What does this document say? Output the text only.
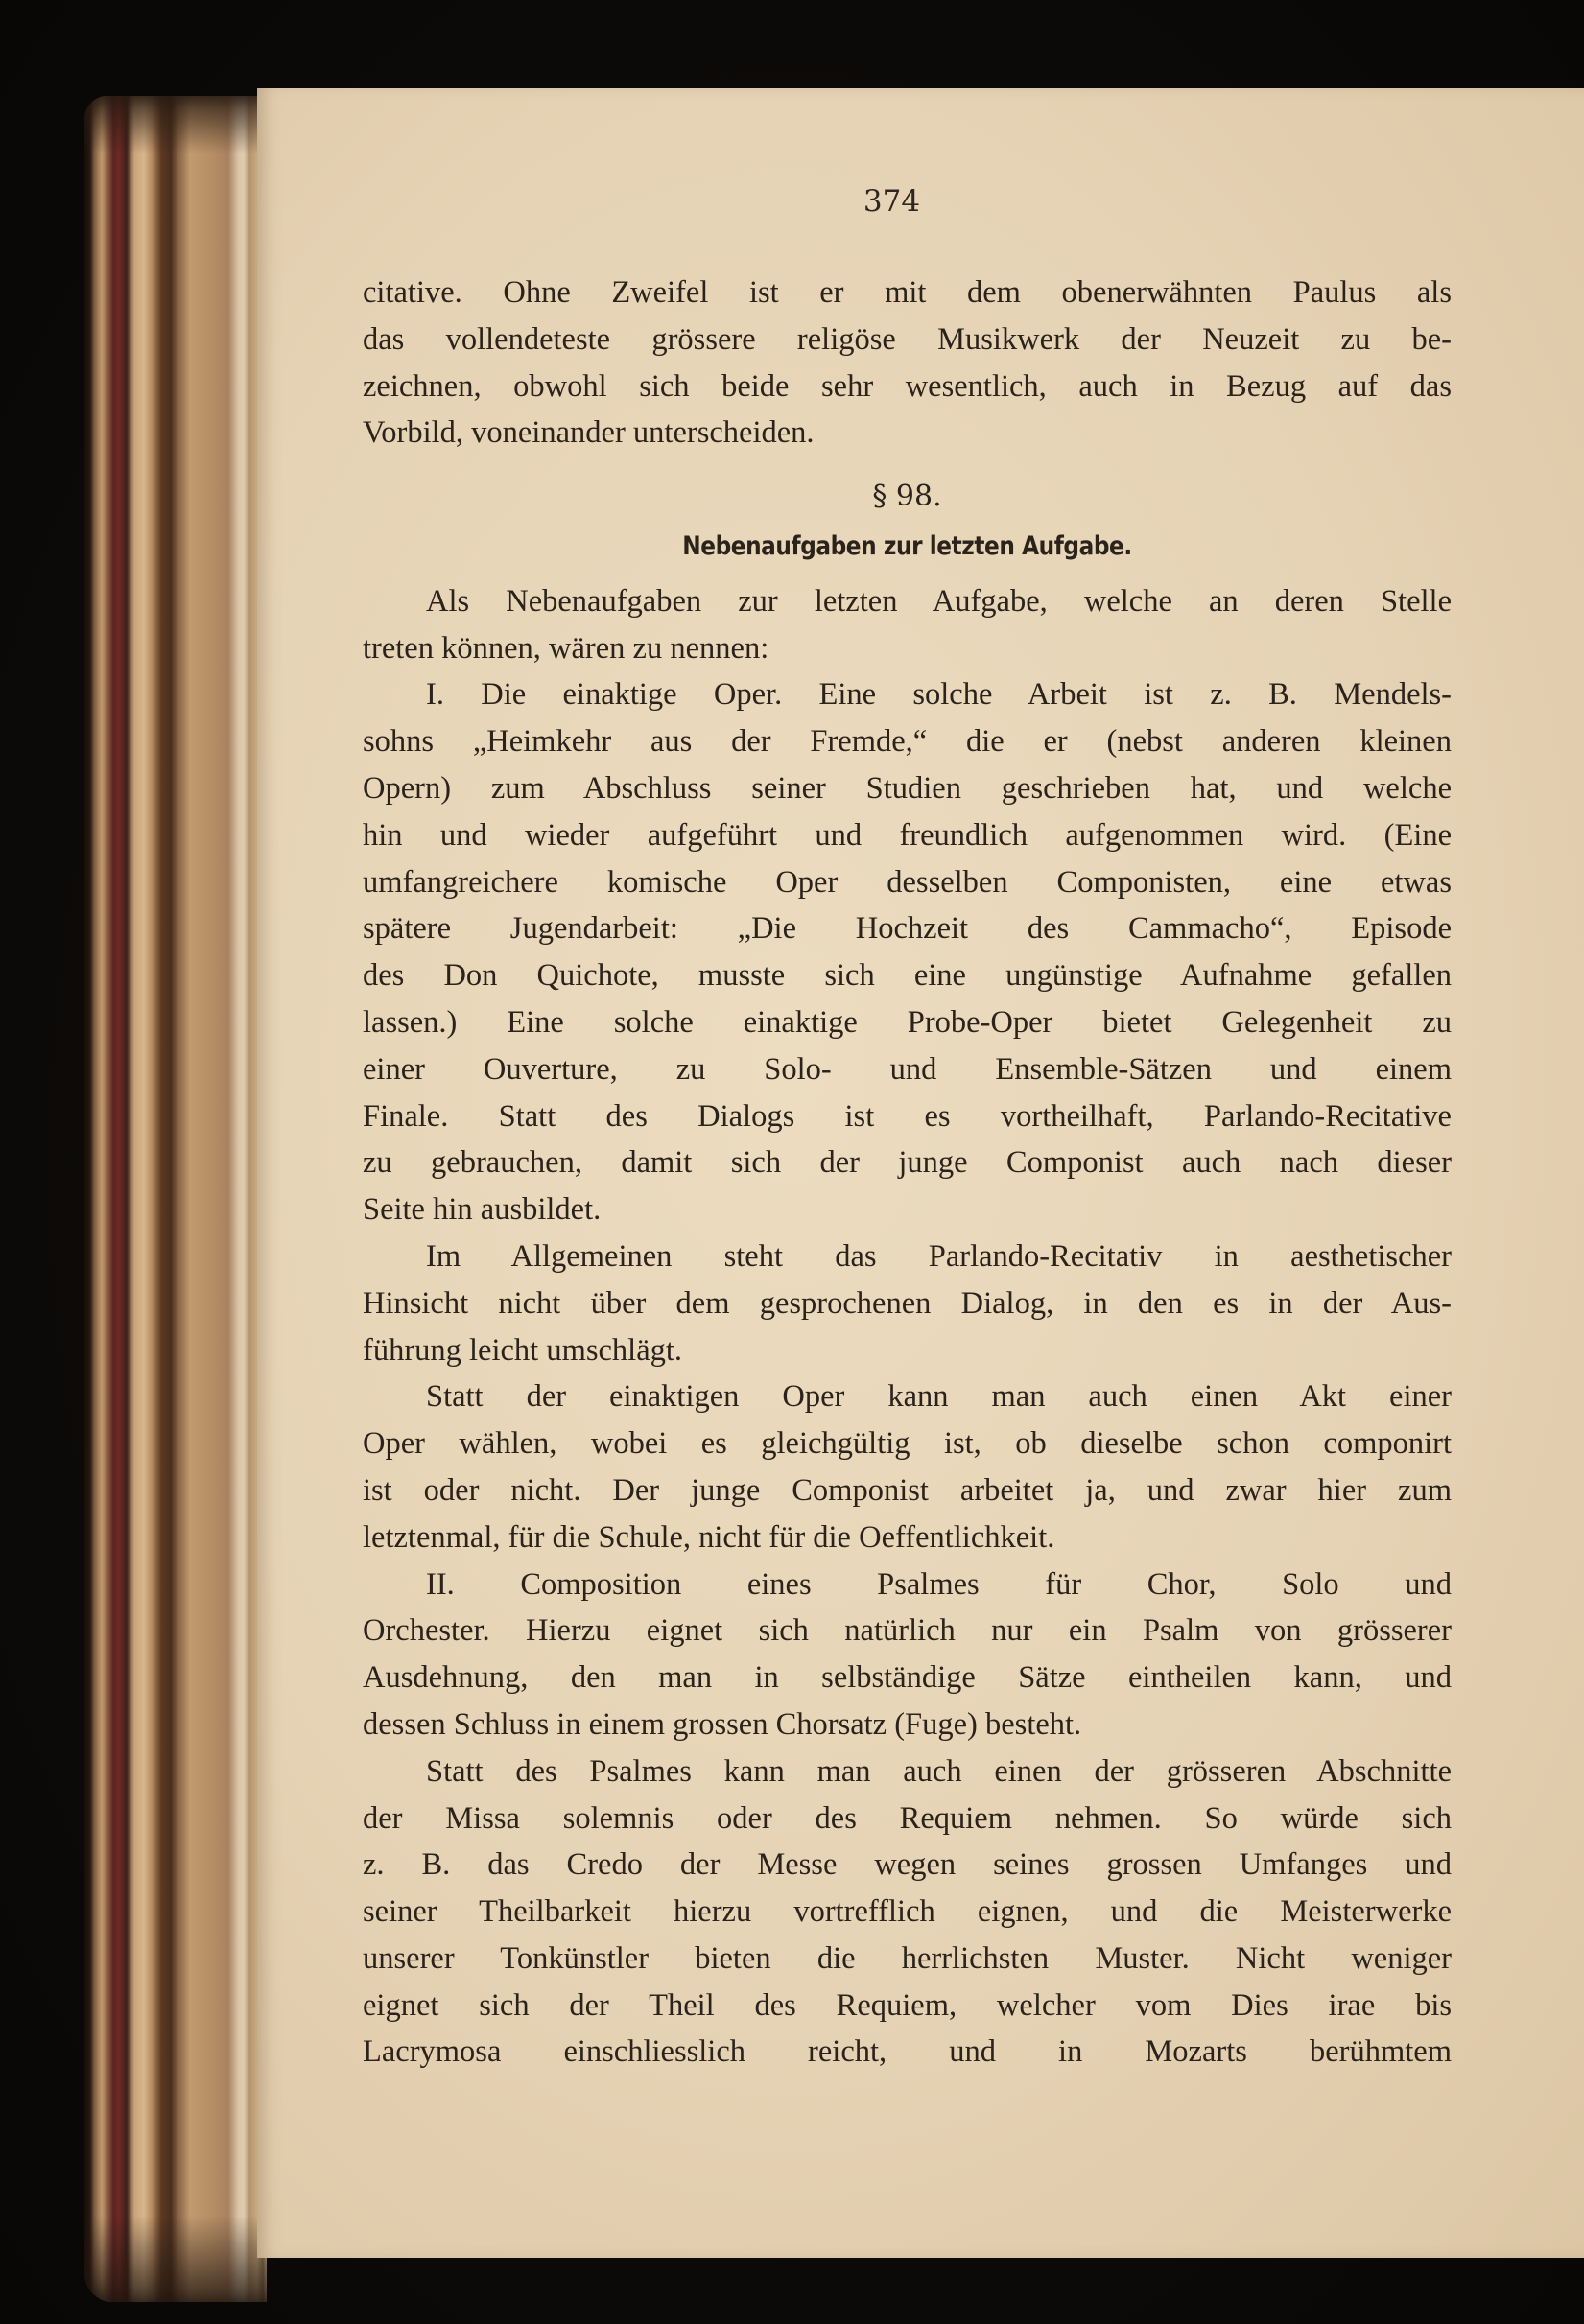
374
citative. Ohne Zweifel ist er mit dem obenerwähnten Paulus als
das vollendeteste grössere religöse Musikwerk der Neuzeit zu be-
zeichnen, obwohl sich beide sehr wesentlich, auch in Bezug auf das
Vorbild, voneinander unterscheiden.
§ 98.
Nebenaufgaben zur letzten Aufgabe.
Als Nebenaufgaben zur letzten Aufgabe, welche an deren Stelle
treten können, wären zu nennen:
I. Die einaktige Oper. Eine solche Arbeit ist z. B. Mendels-
sohns „Heimkehr aus der Fremde,“ die er (nebst anderen kleinen
Opern) zum Abschluss seiner Studien geschrieben hat, und welche
hin und wieder aufgeführt und freundlich aufgenommen wird. (Eine
umfangreichere komische Oper desselben Componisten, eine etwas
spätere Jugendarbeit: „Die Hochzeit des Cammacho“, Episode
des Don Quichote, musste sich eine ungünstige Aufnahme gefallen
lassen.) Eine solche einaktige Probe-Oper bietet Gelegenheit zu
einer Ouverture, zu Solo- und Ensemble-Sätzen und einem
Finale. Statt des Dialogs ist es vortheilhaft, Parlando-Recitative
zu gebrauchen, damit sich der junge Componist auch nach dieser
Seite hin ausbildet.
Im Allgemeinen steht das Parlando-Recitativ in aesthetischer
Hinsicht nicht über dem gesprochenen Dialog, in den es in der Aus-
führung leicht umschlägt.
Statt der einaktigen Oper kann man auch einen Akt einer
Oper wählen, wobei es gleichgültig ist, ob dieselbe schon componirt
ist oder nicht. Der junge Componist arbeitet ja, und zwar hier zum
letztenmal, für die Schule, nicht für die Oeffentlichkeit.
II. Composition eines Psalmes für Chor, Solo und
Orchester. Hierzu eignet sich natürlich nur ein Psalm von grösserer
Ausdehnung, den man in selbständige Sätze eintheilen kann, und
dessen Schluss in einem grossen Chorsatz (Fuge) besteht.
Statt des Psalmes kann man auch einen der grösseren Abschnitte
der Missa solemnis oder des Requiem nehmen. So würde sich
z. B. das Credo der Messe wegen seines grossen Umfanges und
seiner Theilbarkeit hierzu vortrefflich eignen, und die Meisterwerke
unserer Tonkünstler bieten die herrlichsten Muster. Nicht weniger
eignet sich der Theil des Requiem, welcher vom Dies irae bis
Lacrymosa einschliesslich reicht, und in Mozarts berühmtem
